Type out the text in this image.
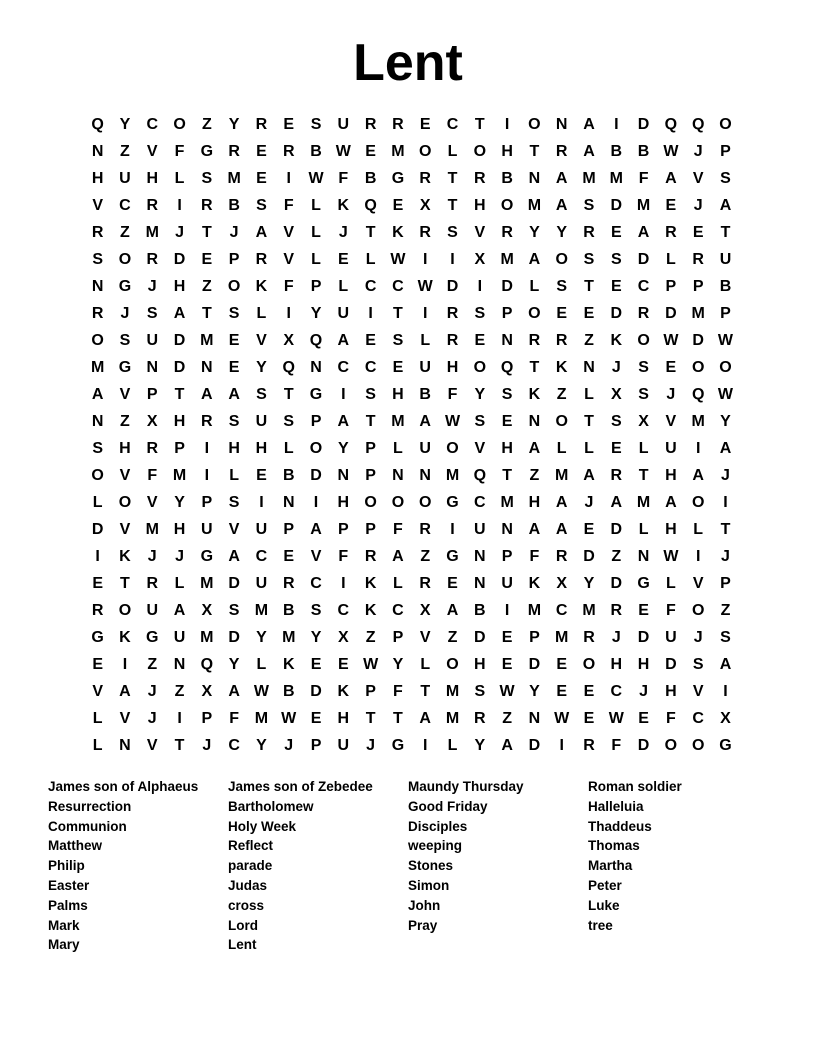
Lent
Q Y	C O	Z	Y	R	E	S	U R R	E	C	T	I	O N A	I	D Q Q O
N	Z	V	F	G R	E	R B W E M O	L	O H	T	R A B B W J	P
H U H	L	S M E	I	W F	B G R	T	R B N A M M F	A	V	S
V	C R	I	R B	S	F	L	K Q E	X	T	H O M A	S	D M E	J	A
R	Z M	J	T	J	A	V	L	J	T	K R	S	V	R	Y	Y	R	E	A R	E	T
S O R D	E	P	R	V	L	E	L W	I	I	X M A O S	S	D	L	R U
N G	J	H	Z	O K	F	P	L	C C W D	I	D	L	S	T	E	C	P	P	B
R	J	S	A	T	S	L	I	Y	U	I	T	I	R	S	P O E	E	D R D M P
O S	U D M E	V	X Q A	E	S	L	R	E	N R R	Z	K O W D W
M G N D N	E	Y Q N C C	E	U H O Q	T	K N	J	S	E O O
A	V	P	T	A A	S	T	G	I	S	H B	F	Y	S	K	Z	L	X	S	J	Q W
N	Z	X	H R	S	U	S	P	A	T M A W S	E	N O	T	S	X	V M Y
S	H R	P	I	H H	L	O Y	P	L	U O V	H A	L	L	E	L	U	I	A
O V	F M	I	L	E	B D N	P	N N M Q	T	Z M A R	T	H A	J
L	O V	Y	P	S	I	N	I	H O O O G C M H A	J	A M A O	I
D	V M H U	V	U	P	A	P	P	F	R	I	U N A A	E	D	L	H	L	T
I	K	J	J	G A C	E	V	F	R A	Z	G N	P	F	R D	Z	N W	I	J
E	T	R	L M D U R C	I	K	L	R	E	N U K	X	Y	D G	L	V	P
R O U A	X	S M B	S	C K C	X	A B	I	M C M R	E	F	O	Z
G K G U M D	Y M Y	X	Z	P	V	Z	D	E	P M R	J	D U	J	S
E	I	Z	N Q Y	L	K	E	E W Y	L	O H	E	D	E O H H D	S	A
V	A	J	Z	X	A W B D K	P	F	T M S W Y	E	E	C	J	H	V	I
L	V	J	I	P	F M W E	H	T	T	A M R	Z	N W E W E	F	C	X
L	N	V	T	J	C	Y	J	P	U	J	G	I	L	Y	A D	I	R	F	D O O G
James son of Alphaeus
Resurrection
Communion
Matthew
Philip
Easter
Palms
Mark
Mary
James son of Zebedee
Bartholomew
Holy Week
Reflect
parade
Judas
cross
Lord
Lent
Maundy Thursday
Good Friday
Disciples
weeping
Stones
Simon
John
Pray
Roman soldier
Halleluia
Thaddeus
Thomas
Martha
Peter
Luke
tree
